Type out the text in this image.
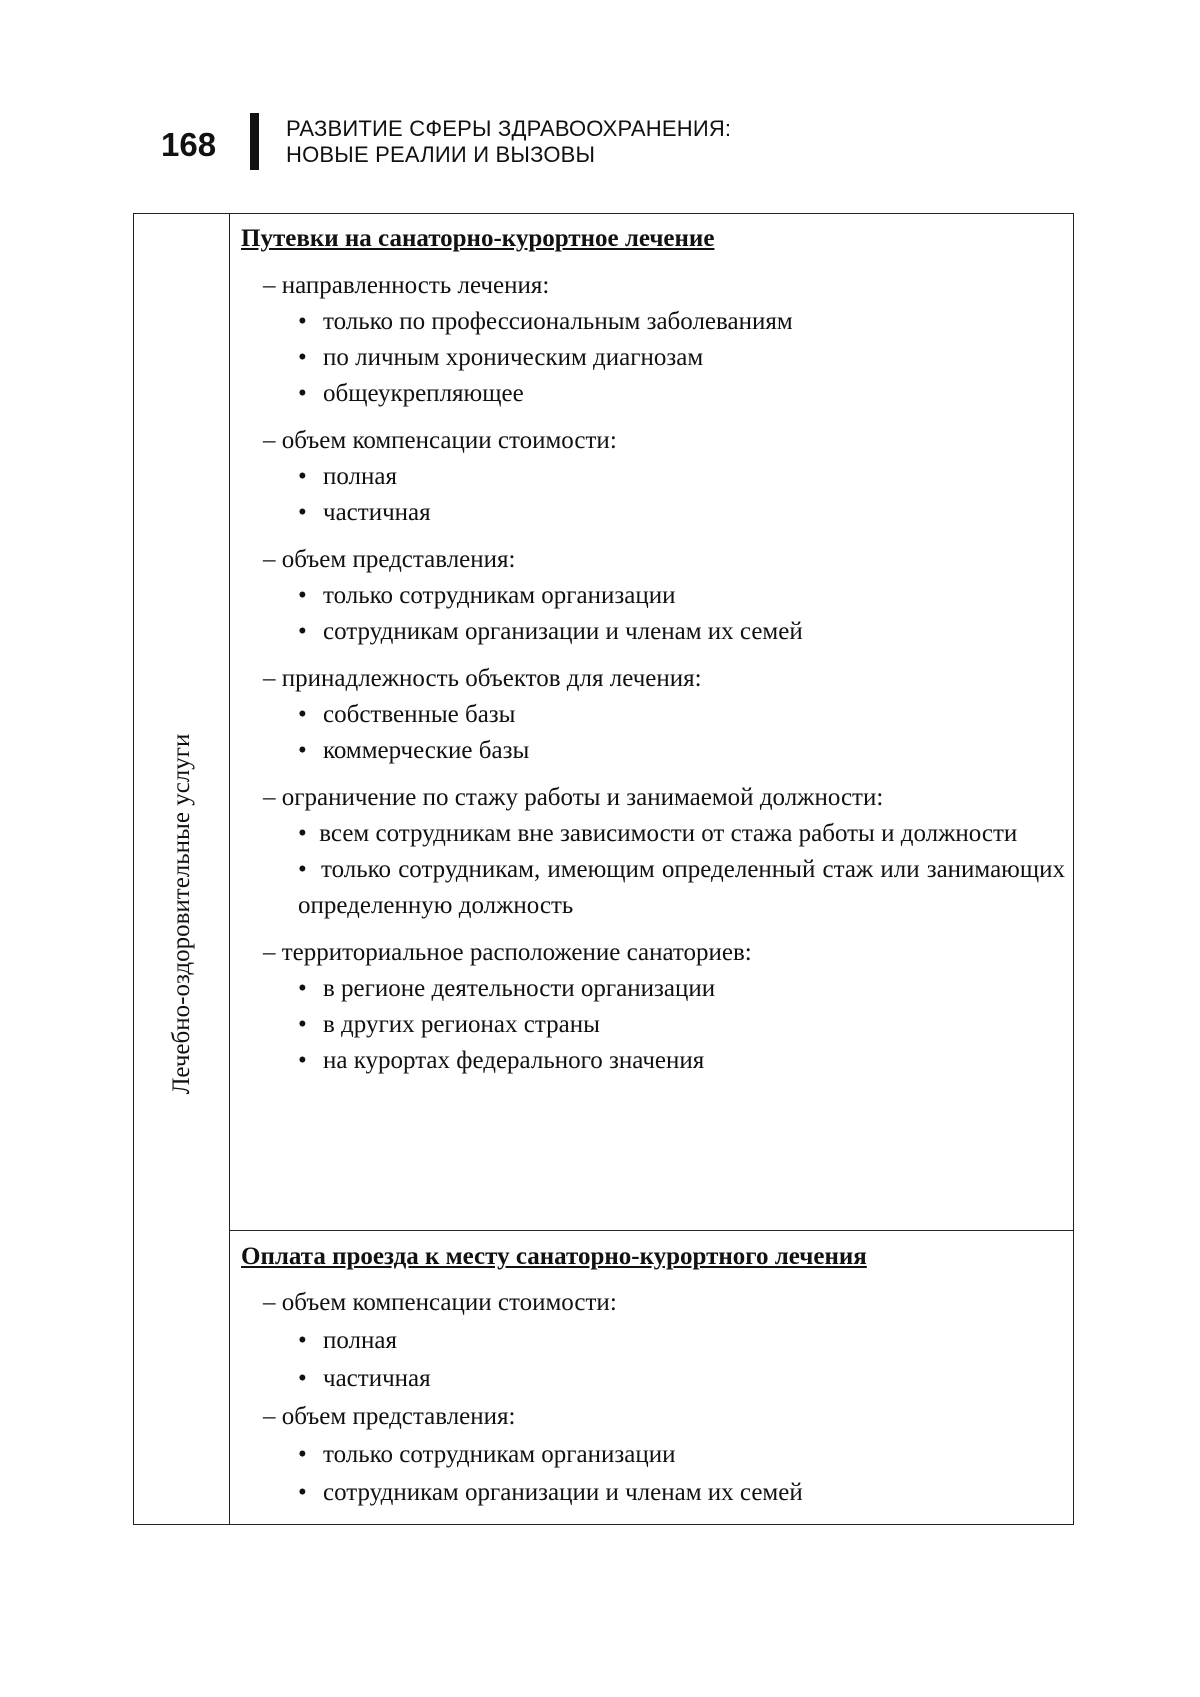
168	РАЗВИТИЕ СФЕРЫ ЗДРАВООХРАНЕНИЯ:
НОВЫЕ РЕАЛИИ И ВЫЗОВЫ
Лечебно-оздоровительные услуги
Путевки на санаторно-курортное лечение
– направленность лечения:
• только по профессиональным заболеваниям
• по личным хроническим диагнозам
• общеукрепляющее
– объем компенсации стоимости:
• полная
• частичная
– объем представления:
• только сотрудникам организации
• сотрудникам организации и членам их семей
– принадлежность объектов для лечения:
• собственные базы
• коммерческие базы
– ограничение по стажу работы и занимаемой должности:
•  всем сотрудникам вне зависимости от стажа работы и должности
•  только сотрудникам, имеющим определенный стаж или занимающих определенную должность
– территориальное расположение санаториев:
• в регионе деятельности организации
• в других регионах страны
• на курортах федерального значения
Оплата проезда к месту санаторно-курортного лечения
– объем компенсации стоимости:
• полная
• частичная
– объем представления:
• только сотрудникам организации
• сотрудникам организации и членам их семей
